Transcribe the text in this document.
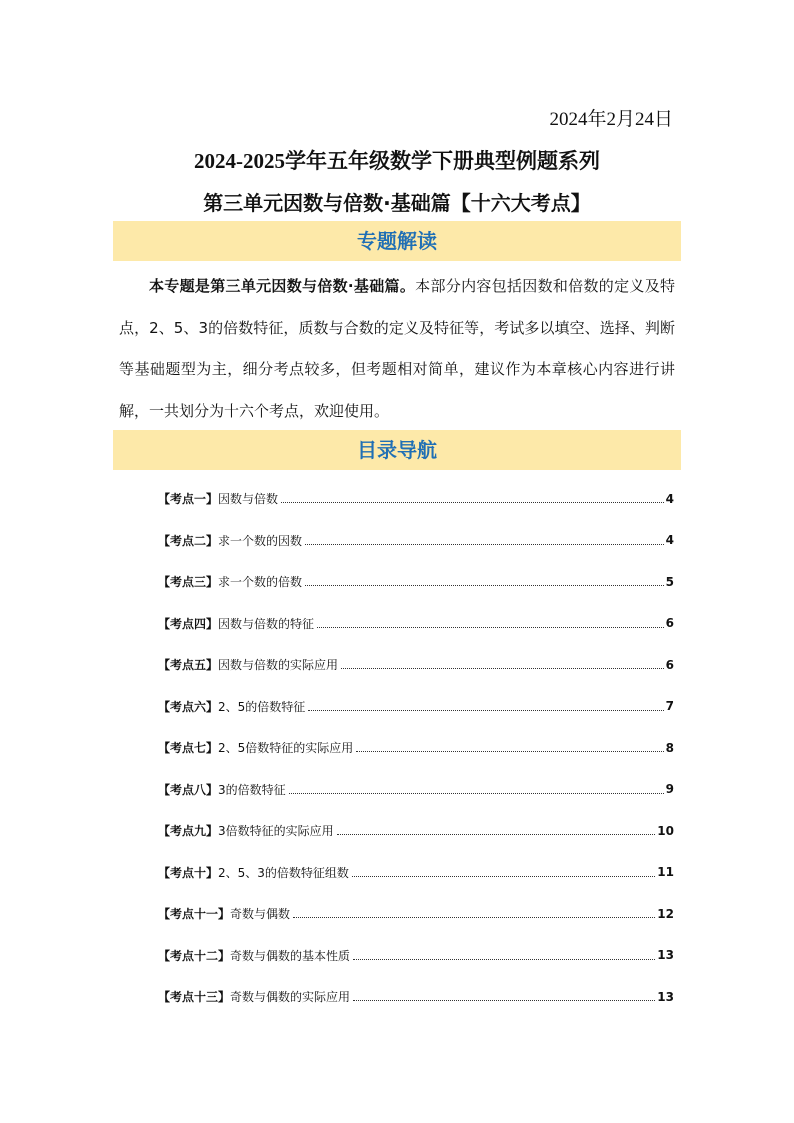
2024年2月24日
2024-2025学年五年级数学下册典型例题系列
第三单元因数与倍数·基础篇【十六大考点】
专题解读
本专题是第三单元因数与倍数·基础篇。本部分内容包括因数和倍数的定义及特点，2、5、3的倍数特征，质数与合数的定义及特征等，考试多以填空、选择、判断等基础题型为主，细分考点较多，但考题相对简单，建议作为本章核心内容进行讲解，一共划分为十六个考点，欢迎使用。
目录导航
【考点一】 因数与倍数	4
【考点二】 求一个数的因数	4
【考点三】 求一个数的倍数	5
【考点四】 因数与倍数的特征	6
【考点五】 因数与倍数的实际应用	6
【考点六】 2、5的倍数特征	7
【考点七】 2、5倍数特征的实际应用	8
【考点八】 3的倍数特征	9
【考点九】 3倍数特征的实际应用	10
【考点十】 2、5、3的倍数特征组数	11
【考点十一】 奇数与偶数	12
【考点十二】 奇数与偶数的基本性质	13
【考点十三】 奇数与偶数的实际应用	13
